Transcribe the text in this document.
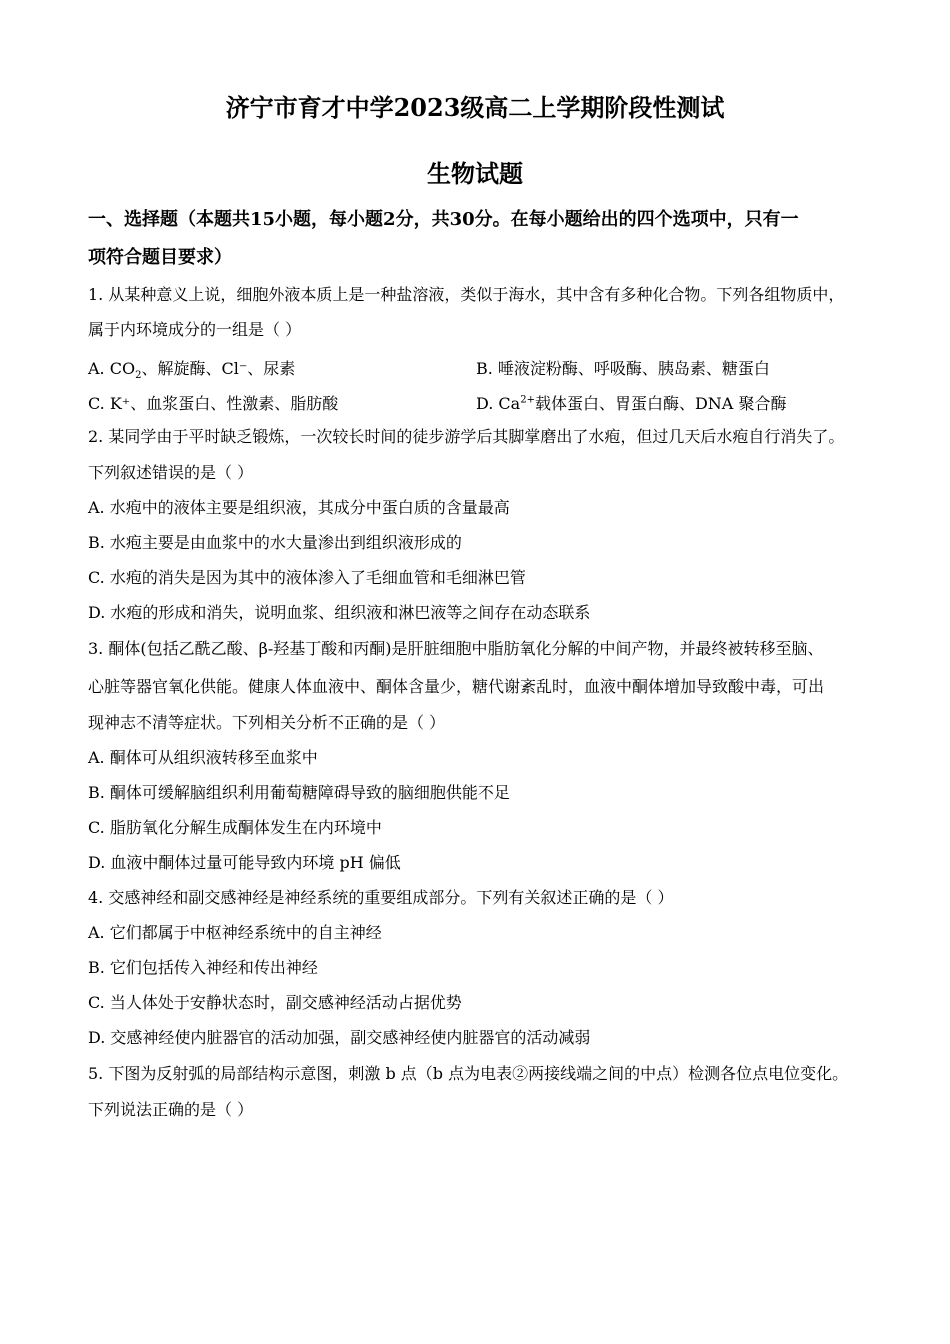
济宁市育才中学2023级高二上学期阶段性测试
生物试题
一、选择题（本题共15小题，每小题2分，共30分。在每小题给出的四个选项中，只有一
项符合题目要求）
1. 从某种意义上说，细胞外液本质上是一种盐溶液，类似于海水，其中含有多种化合物。下列各组物质中，
属于内环境成分的一组是（ ）
A. $CO_2$、解旋酶、Cl⁻、尿素	B. 唾液淀粉酶、呼吸酶、胰岛素、糖蛋白
C. K⁺、血浆蛋白、性激素、脂肪酸	D. $Ca^{2+}$载体蛋白、胃蛋白酶、DNA 聚合酶
2. 某同学由于平时缺乏锻炼，一次较长时间的徒步游学后其脚掌磨出了水疱，但过几天后水疱自行消失了。
下列叙述错误的是（ ）
A. 水疱中的液体主要是组织液，其成分中蛋白质的含量最高
B. 水疱主要是由血浆中的水大量渗出到组织液形成的
C. 水疱的消失是因为其中的液体渗入了毛细血管和毛细淋巴管
D. 水疱的形成和消失，说明血浆、组织液和淋巴液等之间存在动态联系
3. 酮体(包括乙酰乙酸、β-羟基丁酸和丙酮)是肝脏细胞中脂肪氧化分解的中间产物，并最终被转移至脑、
心脏等器官氧化供能。健康人体血液中、酮体含量少，糖代谢紊乱时，血液中酮体增加导致酸中毒，可出
现神志不清等症状。下列相关分析不正确的是（ ）
A. 酮体可从组织液转移至血浆中
B. 酮体可缓解脑组织利用葡萄糖障碍导致的脑细胞供能不足
C. 脂肪氧化分解生成酮体发生在内环境中
D. 血液中酮体过量可能导致内环境 pH 偏低
4. 交感神经和副交感神经是神经系统的重要组成部分。下列有关叙述正确的是（ ）
A. 它们都属于中枢神经系统中的自主神经
B. 它们包括传入神经和传出神经
C. 当人体处于安静状态时，副交感神经活动占据优势
D. 交感神经使内脏器官的活动加强，副交感神经使内脏器官的活动减弱
5. 下图为反射弧的局部结构示意图，刺激 b 点（b 点为电表②两接线端之间的中点）检测各位点电位变化。
下列说法正确的是（ ）
